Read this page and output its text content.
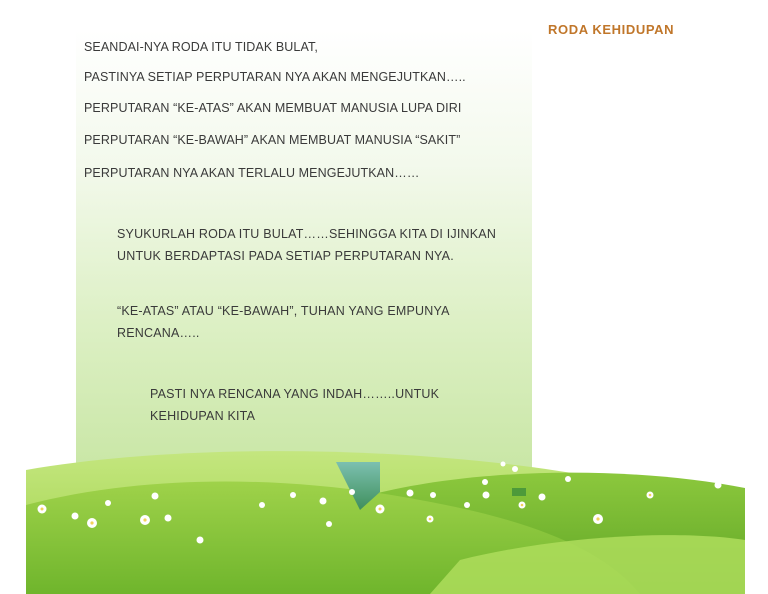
RODA KEHIDUPAN
SEANDAI-NYA RODA ITU TIDAK BULAT,
PASTINYA SETIAP PERPUTARAN NYA AKAN MENGEJUTKAN…..
PERPUTARAN “KE-ATAS” AKAN MEMBUAT MANUSIA LUPA DIRI
PERPUTARAN “KE-BAWAH” AKAN MEMBUAT MANUSIA “SAKIT”
PERPUTARAN NYA AKAN TERLALU MENGEJUTKAN……

SYUKURLAH RODA ITU BULAT……SEHINGGA KITA DI IJINKAN UNTUK BERDAPTASI PADA SETIAP PERPUTARAN NYA.

“KE-ATAS” ATAU “KE-BAWAH”, TUHAN YANG EMPUNYA RENCANA…..

PASTI NYA RENCANA YANG INDAH……..UNTUK KEHIDUPAN KITA
